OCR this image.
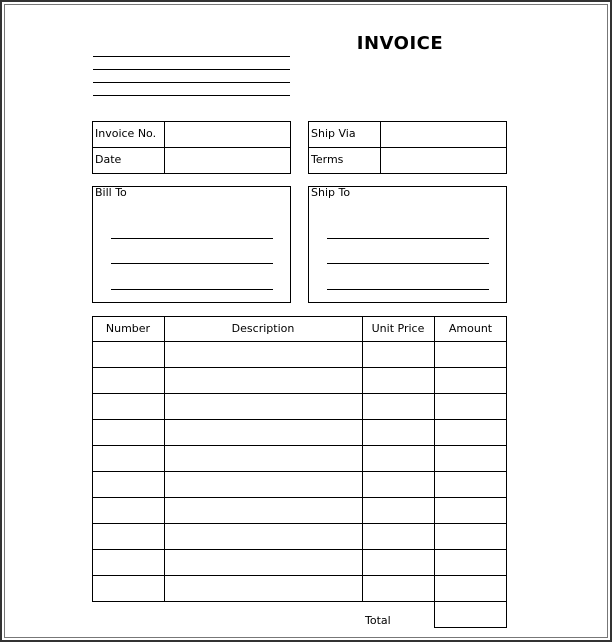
INVOICE
Invoice No.
Date
Ship Via
Terms
Bill To	Ship To
Number	Description	Unit Price	Amount
Total
